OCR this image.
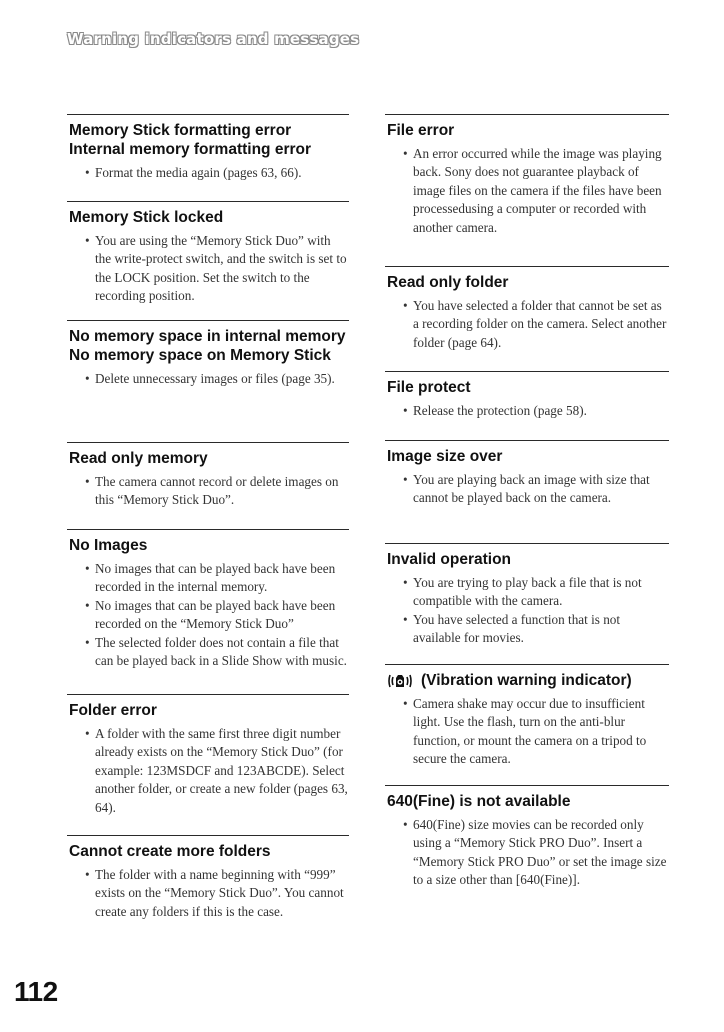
Warning indicators and messages
Memory Stick formatting error
Internal memory formatting error
• Format the media again (pages 63, 66).
Memory Stick locked
• You are using the “Memory Stick Duo” with the write-protect switch, and the switch is set to the LOCK position. Set the switch to the recording position.
No memory space in internal memory
No memory space on Memory Stick
• Delete unnecessary images or files (page 35).
Read only memory
• The camera cannot record or delete images on this “Memory Stick Duo”.
No Images
• No images that can be played back have been recorded in the internal memory.
• No images that can be played back have been recorded on the “Memory Stick Duo”
• The selected folder does not contain a file that can be played back in a Slide Show with music.
Folder error
• A folder with the same first three digit number already exists on the “Memory Stick Duo” (for example: 123MSDCF and 123ABCDE). Select another folder, or create a new folder (pages 63, 64).
Cannot create more folders
• The folder with a name beginning with “999” exists on the “Memory Stick Duo”. You cannot create any folders if this is the case.
File error
• An error occurred while the image was playing back. Sony does not guarantee playback of image files on the camera if the files have been processedusing a computer or recorded with another camera.
Read only folder
• You have selected a folder that cannot be set as a recording folder on the camera. Select another folder (page 64).
File protect
• Release the protection (page 58).
Image size over
• You are playing back an image with size that cannot be played back on the camera.
Invalid operation
• You are trying to play back a file that is not compatible with the camera.
• You have selected a function that is not available for movies.
(Vibration warning indicator)
• Camera shake may occur due to insufficient light. Use the flash, turn on the anti-blur function, or mount the camera on a tripod to secure the camera.
640(Fine) is not available
• 640(Fine) size movies can be recorded only using a “Memory Stick PRO Duo”. Insert a “Memory Stick PRO Duo” or set the image size to a size other than [640(Fine)].
112
